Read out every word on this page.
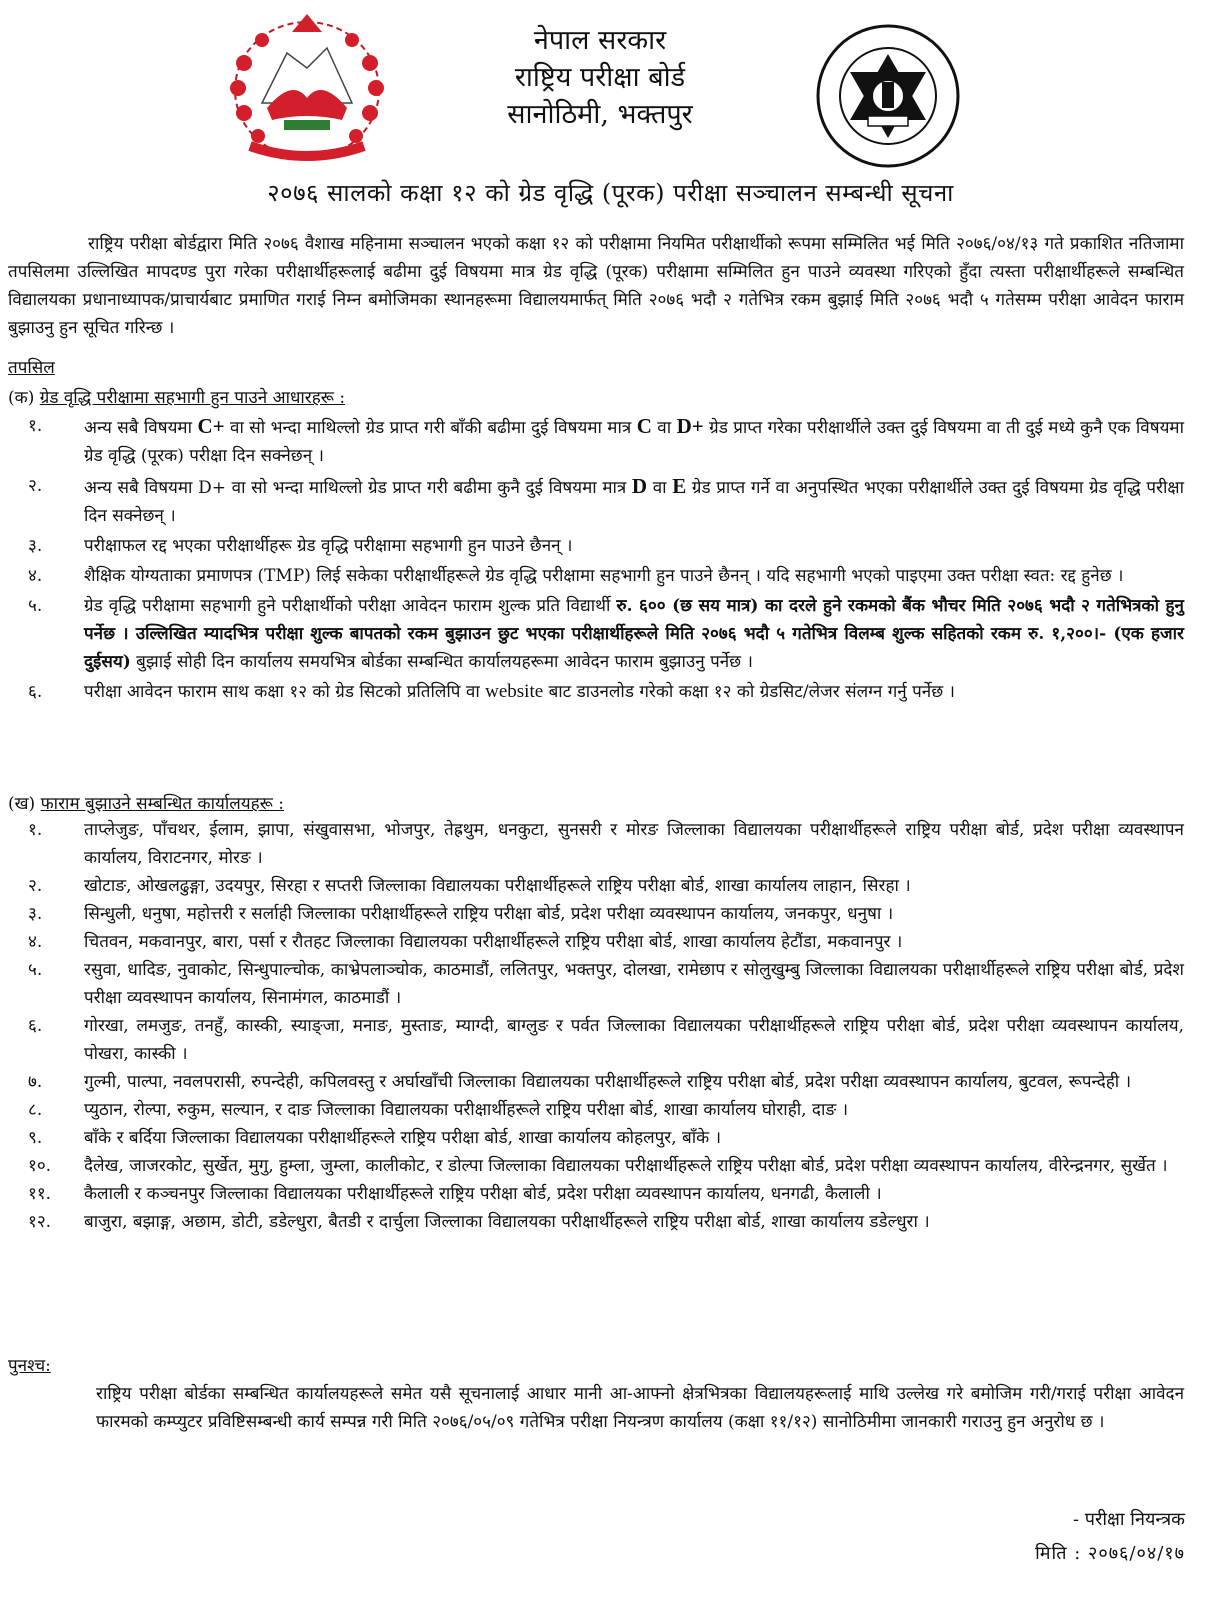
नेपाल सरकार
राष्ट्रिय परीक्षा बोर्ड
सानोठिमी, भक्तपुर
२०७६ सालको कक्षा १२ को ग्रेड वृद्धि (पूरक) परीक्षा सञ्चालन सम्बन्धी सूचना
राष्ट्रिय परीक्षा बोर्डद्वारा मिति २०७६ वैशाख महिनामा सञ्चालन भएको कक्षा १२ को परीक्षामा नियमित परीक्षार्थीको रूपमा सम्मिलित भई मिति २०७६/०४/१३ गते प्रकाशित नतिजामा तपसिलमा उल्लिखित मापदण्ड पुरा गरेका परीक्षार्थीहरूलाई बढीमा दुई विषयमा मात्र ग्रेड वृद्धि (पूरक) परीक्षामा सम्मिलित हुन पाउने व्यवस्था गरिएको हुँदा त्यस्ता परीक्षार्थीहरूले सम्बन्धित विद्यालयका प्रधानाध्यापक/प्राचार्यबाट प्रमाणित गराई निम्न बमोजिमका स्थानहरूमा विद्यालयमार्फत् मिति २०७६ भदौ २ गतेभित्र रकम बुझाई मिति २०७६ भदौ ५ गतेसम्म परीक्षा आवेदन फाराम बुझाउनु हुन सूचित गरिन्छ ।
तपसिल
(क) ग्रेड वृद्धि परीक्षामा सहभागी हुन पाउने आधारहरू :
१.	अन्य सबै विषयमा C+ वा सो भन्दा माथिल्लो ग्रेड प्राप्त गरी बाँकी बढीमा दुई विषयमा मात्र C वा D+ ग्रेड प्राप्त गरेका परीक्षार्थीले उक्त दुई विषयमा वा ती दुई मध्ये कुनै एक विषयमा ग्रेड वृद्धि (पूरक) परीक्षा दिन सक्नेछन् ।
२.	अन्य सबै विषयमा D+ वा सो भन्दा माथिल्लो ग्रेड प्राप्त गरी बढीमा कुनै दुई विषयमा मात्र D वा E ग्रेड प्राप्त गर्ने वा अनुपस्थित भएका परीक्षार्थीले उक्त दुई विषयमा ग्रेड वृद्धि परीक्षा दिन सक्नेछन् ।
३.	परीक्षाफल रद्द भएका परीक्षार्थीहरू ग्रेड वृद्धि परीक्षामा सहभागी हुन पाउने छैनन् ।
४.	शैक्षिक योग्यताका प्रमाणपत्र (TMP) लिई सकेका परीक्षार्थीहरूले ग्रेड वृद्धि परीक्षामा सहभागी हुन पाउने छैनन् । यदि सहभागी भएको पाइएमा उक्त परीक्षा स्वत: रद्द हुनेछ ।
५.	ग्रेड वृद्धि परीक्षामा सहभागी हुने परीक्षार्थीको परीक्षा आवेदन फाराम शुल्क प्रति विद्यार्थी रु. ६०० (छ सय मात्र) का दरले हुने रकमको बैंक भौचर मिति २०७६ भदौ २ गतेभित्रको हुनु पर्नेछ । उल्लिखित म्यादभित्र परीक्षा शुल्क बापतको रकम बुझाउन छुट भएका परीक्षार्थीहरूले मिति २०७६ भदौ ५ गतेभित्र विलम्ब शुल्क सहितको रकम रु. १,२००।- (एक हजार दुईसय) बुझाई सोही दिन कार्यालय समयभित्र बोर्डका सम्बन्धित कार्यालयहरूमा आवेदन फाराम बुझाउनु पर्नेछ ।
६.	परीक्षा आवेदन फाराम साथ कक्षा १२ को ग्रेड सिटको प्रतिलिपि वा website बाट डाउनलोड गरेको कक्षा १२ को ग्रेडसिट/लेजर संलग्न गर्नु पर्नेछ ।
(ख) फाराम बुझाउने सम्बन्धित कार्यालयहरू :
१.	ताप्लेजुङ, पाँचथर, ईलाम, झापा, संखुवासभा, भोजपुर, तेह्रथुम, धनकुटा, सुनसरी र मोरङ जिल्लाका विद्यालयका परीक्षार्थीहरूले राष्ट्रिय परीक्षा बोर्ड, प्रदेश परीक्षा व्यवस्थापन कार्यालय, विराटनगर, मोरङ ।
२.	खोटाङ, ओखलढुङ्गा, उदयपुर, सिरहा र सप्तरी जिल्लाका विद्यालयका परीक्षार्थीहरूले राष्ट्रिय परीक्षा बोर्ड, शाखा कार्यालय लाहान, सिरहा ।
३.	सिन्धुली, धनुषा, महोत्तरी र सर्लाही जिल्लाका परीक्षार्थीहरूले राष्ट्रिय परीक्षा बोर्ड, प्रदेश परीक्षा व्यवस्थापन कार्यालय, जनकपुर, धनुषा ।
४.	चितवन, मकवानपुर, बारा, पर्सा र रौतहट जिल्लाका विद्यालयका परीक्षार्थीहरूले राष्ट्रिय परीक्षा बोर्ड, शाखा कार्यालय हेटौंडा, मकवानपुर ।
५.	रसुवा, धादिङ, नुवाकोट, सिन्धुपाल्चोक, काभ्रेपलाञ्चोक, काठमाडौं, ललितपुर, भक्तपुर, दोलखा, रामेछाप र सोलुखुम्बु जिल्लाका विद्यालयका परीक्षार्थीहरूले राष्ट्रिय परीक्षा बोर्ड, प्रदेश परीक्षा व्यवस्थापन कार्यालय, सिनामंगल, काठमाडौं ।
६.	गोरखा, लमजुङ, तनहुँ, कास्की, स्याङ्जा, मनाङ, मुस्ताङ, म्याग्दी, बाग्लुङ र पर्वत जिल्लाका विद्यालयका परीक्षार्थीहरूले राष्ट्रिय परीक्षा बोर्ड, प्रदेश परीक्षा व्यवस्थापन कार्यालय, पोखरा, कास्की ।
७.	गुल्मी, पाल्पा, नवलपरासी, रुपन्देही, कपिलवस्तु र अर्घाखाँची जिल्लाका विद्यालयका परीक्षार्थीहरूले राष्ट्रिय परीक्षा बोर्ड, प्रदेश परीक्षा व्यवस्थापन कार्यालय, बुटवल, रूपन्देही ।
८.	प्युठान, रोल्पा, रुकुम, सल्यान, र दाङ जिल्लाका विद्यालयका परीक्षार्थीहरूले राष्ट्रिय परीक्षा बोर्ड, शाखा कार्यालय घोराही, दाङ ।
९.	बाँके र बर्दिया जिल्लाका विद्यालयका परीक्षार्थीहरूले राष्ट्रिय परीक्षा बोर्ड, शाखा कार्यालय कोहलपुर, बाँके ।
१०.	दैलेख, जाजरकोट, सुर्खेत, मुगु, हुम्ला, जुम्ला, कालीकोट, र डोल्पा जिल्लाका विद्यालयका परीक्षार्थीहरूले राष्ट्रिय परीक्षा बोर्ड, प्रदेश परीक्षा व्यवस्थापन कार्यालय, वीरेन्द्रनगर, सुर्खेत ।
११.	कैलाली र कञ्चनपुर जिल्लाका विद्यालयका परीक्षार्थीहरूले राष्ट्रिय परीक्षा बोर्ड, प्रदेश परीक्षा व्यवस्थापन कार्यालय, धनगढी, कैलाली ।
१२.	बाजुरा, बझाङ्ग, अछाम, डोटी, डडेल्धुरा, बैतडी र दार्चुला जिल्लाका विद्यालयका परीक्षार्थीहरूले राष्ट्रिय परीक्षा बोर्ड, शाखा कार्यालय डडेल्धुरा ।
पुनश्च:
राष्ट्रिय परीक्षा बोर्डका सम्बन्धित कार्यालयहरूले समेत यसै सूचनालाई आधार मानी आ-आफ्नो क्षेत्रभित्रका विद्यालयहरूलाई माथि उल्लेख गरे बमोजिम गरी/गराई परीक्षा आवेदन फारमको कम्प्युटर प्रविष्टिसम्बन्धी कार्य सम्पन्न गरी मिति २०७६/०५/०९ गतेभित्र परीक्षा नियन्त्रण कार्यालय (कक्षा ११/१२) सानोठिमीमा जानकारी गराउनु हुन अनुरोध छ ।
- परीक्षा नियन्त्रक
मिति : २०७६/०४/१७
